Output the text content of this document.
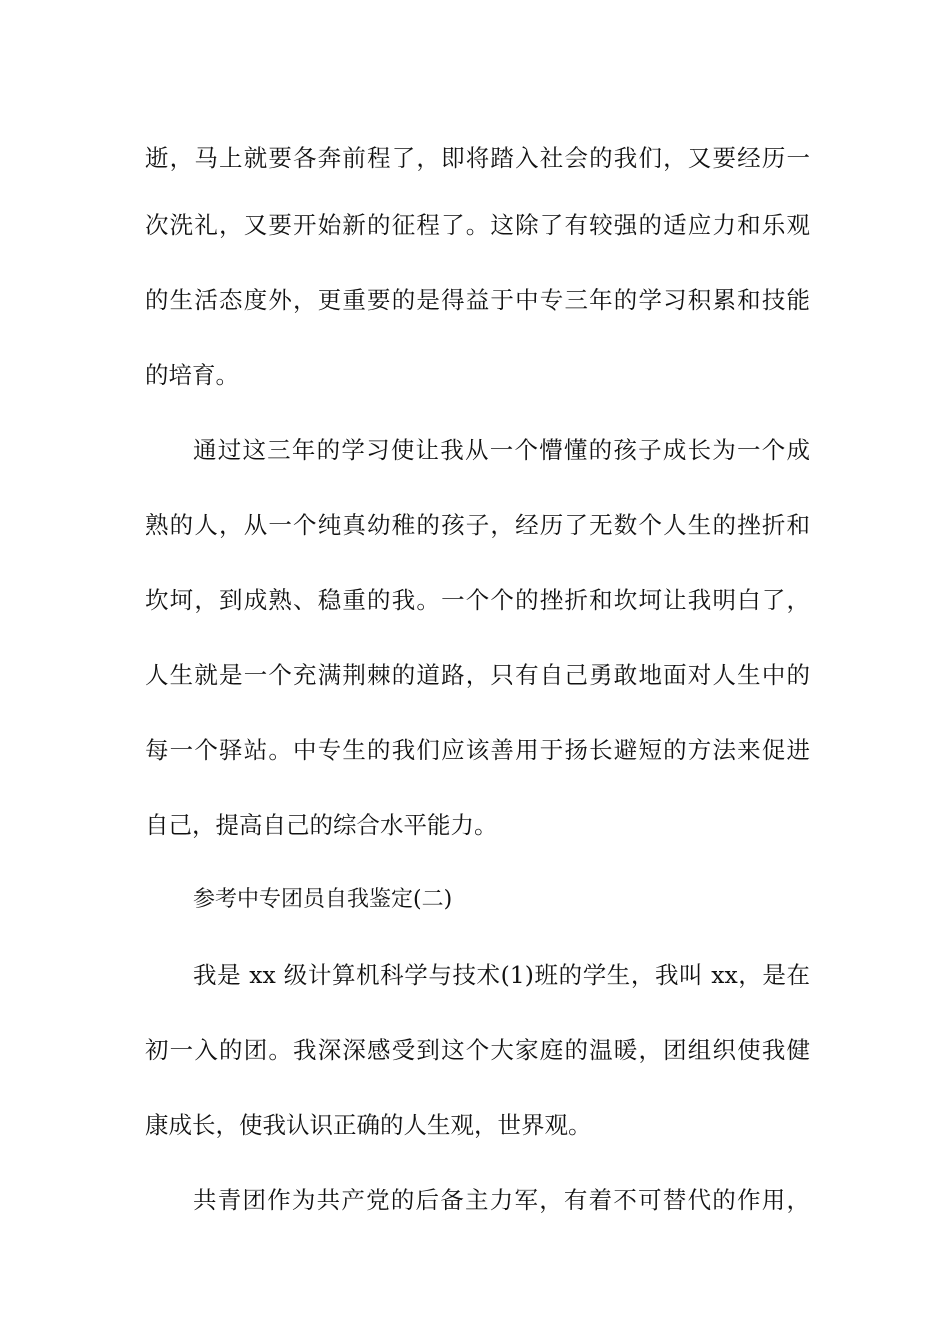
逝，马上就要各奔前程了，即将踏入社会的我们，又要经历一
次洗礼，又要开始新的征程了。这除了有较强的适应力和乐观
的生活态度外，更重要的是得益于中专三年的学习积累和技能
的培育。
通过这三年的学习使让我从一个懵懂的孩子成长为一个成
熟的人，从一个纯真幼稚的孩子，经历了无数个人生的挫折和
坎坷，到成熟、稳重的我。一个个的挫折和坎坷让我明白了，
人生就是一个充满荆棘的道路，只有自己勇敢地面对人生中的
每一个驿站。中专生的我们应该善用于扬长避短的方法来促进
自己，提高自己的综合水平能力。
参考中专团员自我鉴定(二)
我是 xx 级计算机科学与技术(1)班的学生，我叫 xx，是在
初一入的团。我深深感受到这个大家庭的温暖，团组织使我健
康成长，使我认识正确的人生观，世界观。
共青团作为共产党的后备主力军，有着不可替代的作用，
